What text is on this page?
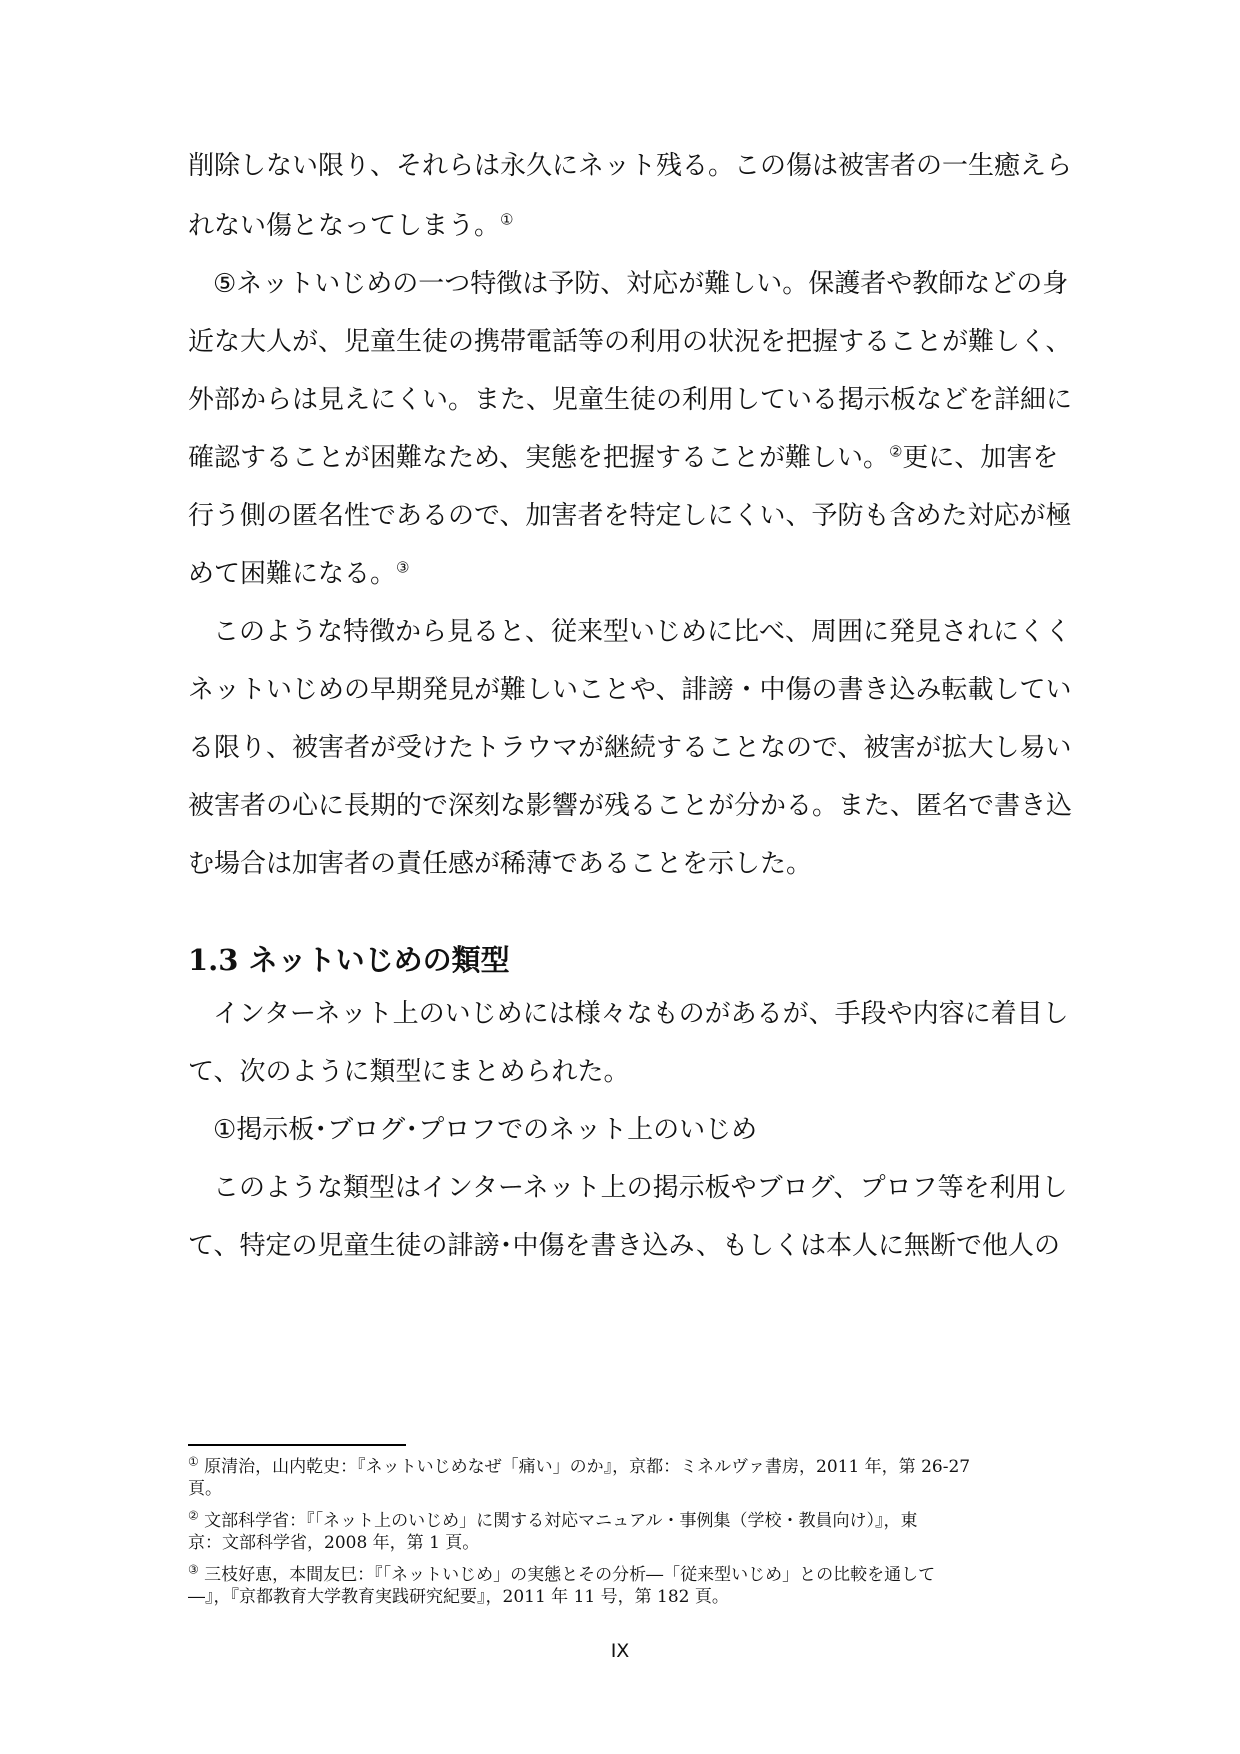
削除しない限り、それらは永久にネット残る。この傷は被害者の一生癒えら
れない傷となってしまう。①
⑤ネットいじめの一つ特徴は予防、対応が難しい。保護者や教師などの身
近な大人が、児童生徒の携帯電話等の利用の状況を把握することが難しく、
外部からは見えにくい。また、児童生徒の利用している掲示板などを詳細に
確認することが困難なため、実態を把握することが難しい。②更に、加害を
行う側の匿名性であるので、加害者を特定しにくい、予防も含めた対応が極
めて困難になる。③
このような特徴から見ると、従来型いじめに比べ、周囲に発見されにくく
ネットいじめの早期発見が難しいことや、誹謗・中傷の書き込み転載してい
る限り、被害者が受けたトラウマが継続することなので、被害が拡大し易い
被害者の心に長期的で深刻な影響が残ることが分かる。また、匿名で書き込
む場合は加害者の責任感が稀薄であることを示した。
1.3 ネットいじめの類型
インターネット上のいじめには様々なものがあるが、手段や内容に着目し
て、次のように類型にまとめられた。
①掲示板･ブログ･プロフでのネット上のいじめ
このような類型はインターネット上の掲示板やブログ、プロフ等を利用し
て、特定の児童生徒の誹謗･中傷を書き込み、もしくは本人に無断で他人の
① 原清治，山内乾史：『ネットいじめなぜ「痛い」のか』，京都：ミネルヴァ書房，2011 年，第 26-27
頁。
② 文部科学省：『「ネット上のいじめ」に関する対応マニュアル・事例集（学校・教員向け）』，東
京：文部科学省，2008 年，第 1 頁。
③ 三枝好恵，本間友巳：『「ネットいじめ」の実態とその分析―「従来型いじめ」との比較を通して
―』，『京都教育大学教育実践研究紀要』，2011 年 11 号，第 182 頁。
IX
